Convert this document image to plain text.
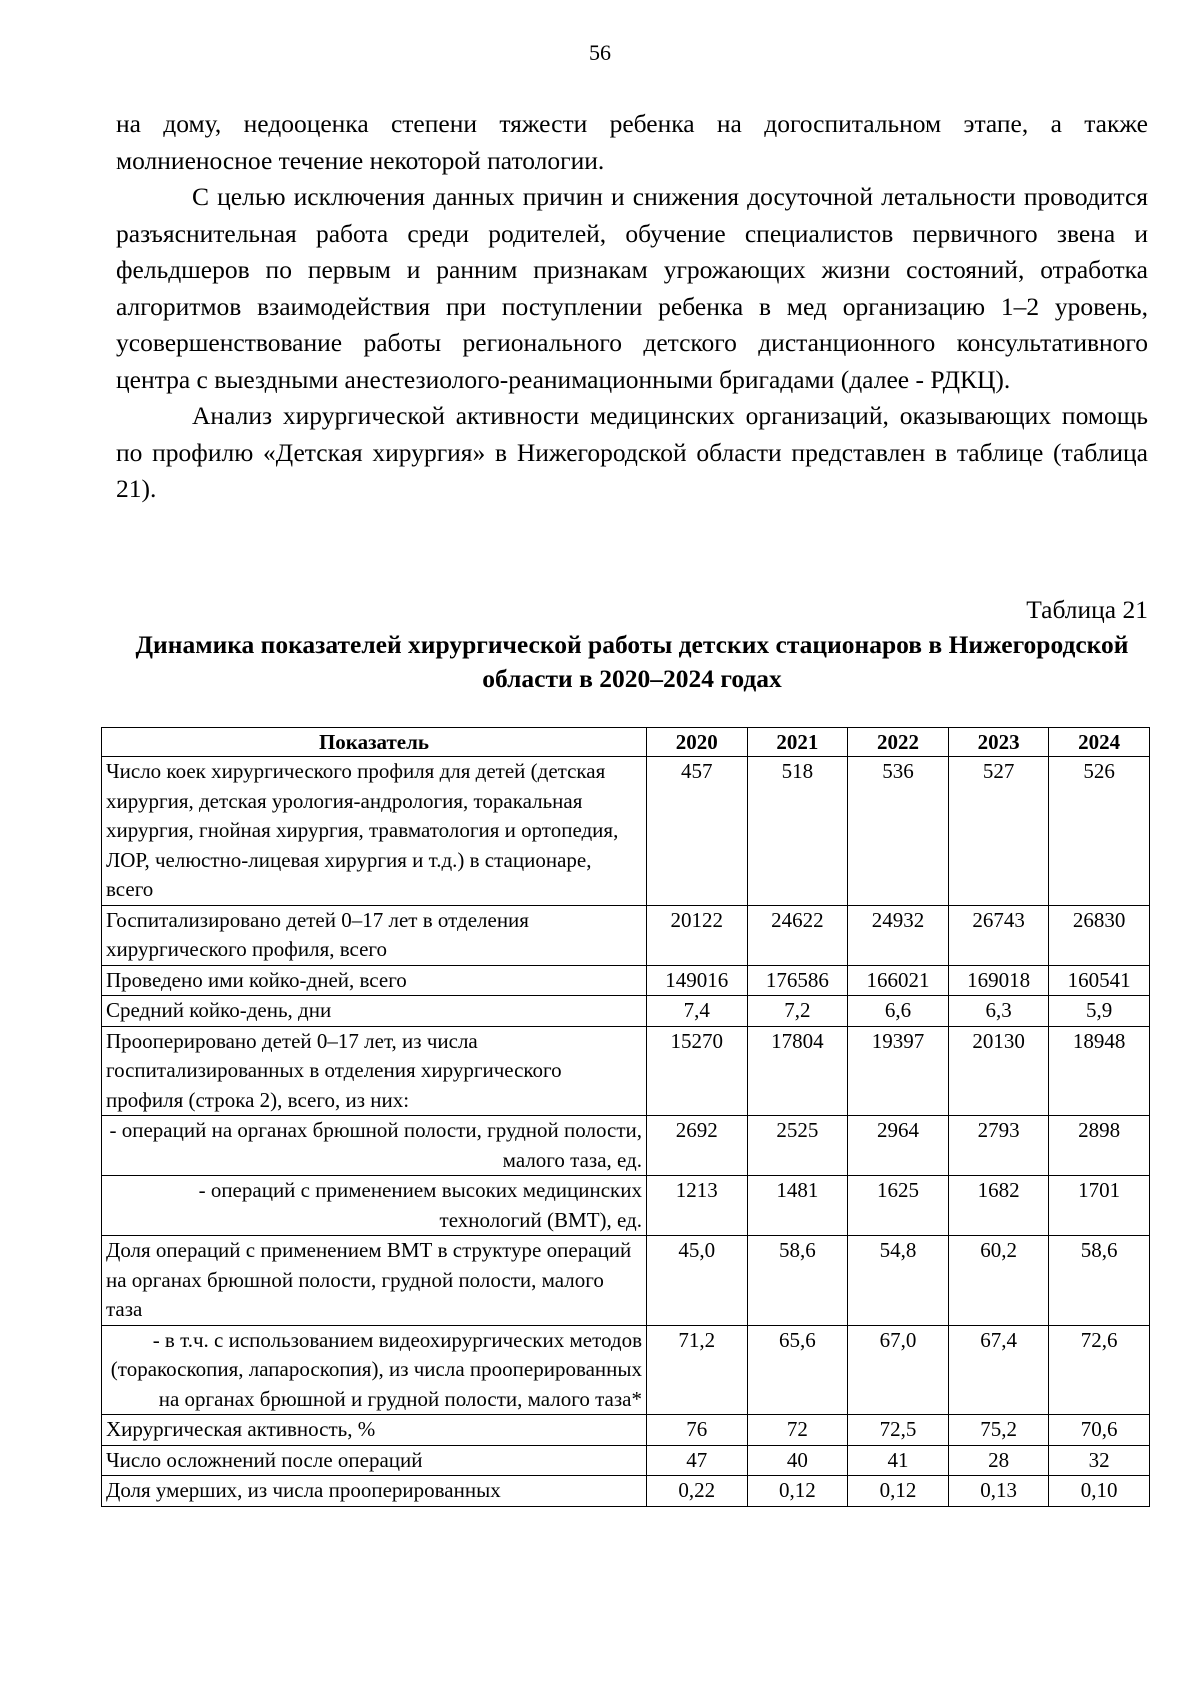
56

на дому, недооценка степени тяжести ребенка на догоспитальном этапе, а также молниеносное течение некоторой патологии.

С целью исключения данных причин и снижения досуточной летальности проводится разъяснительная работа среди родителей, обучение специалистов первичного звена и фельдшеров по первым и ранним признакам угрожающих жизни состояний, отработка алгоритмов взаимодействия при поступлении ребенка в мед организацию 1–2 уровень, усовершенствование работы регионального детского дистанционного консультативного центра с выездными анестезиолого-реанимационными бригадами (далее - РДКЦ).

Анализ хирургической активности медицинских организаций, оказывающих помощь по профилю «Детская хирургия» в Нижегородской области представлен в таблице (таблица 21).

Таблица 21
Динамика показателей хирургической работы детских стационаров в Нижегородской области в 2020–2024 годах
Показатель	2020	2021	2022	2023	2024
Число коек хирургического профиля для детей (детская хирургия, детская урология-андрология, торакальная хирургия, гнойная хирургия, травматология и ортопедия, ЛОР, челюстно-лицевая хирургия и т.д.) в стационаре, всего	457	518	536	527	526
Госпитализировано детей 0–17 лет в отделения хирургического профиля, всего	20122	24622	24932	26743	26830
Проведено ими койко-дней, всего	149016	176586	166021	169018	160541
Средний койко-день, дни	7,4	7,2	6,6	6,3	5,9
Прооперировано детей 0–17 лет, из числа госпитализированных в отделения хирургического профиля (строка 2), всего, из них:	15270	17804	19397	20130	18948
- операций на органах брюшной полости, грудной полости, малого таза, ед.	2692	2525	2964	2793	2898
- операций с применением высоких медицинских технологий (ВМТ), ед.	1213	1481	1625	1682	1701
Доля операций с применением ВМТ в структуре операций на органах брюшной полости, грудной полости, малого таза	45,0	58,6	54,8	60,2	58,6
- в т.ч. с использованием видеохирургических методов (торакоскопия, лапароскопия), из числа прооперированных на органах брюшной и грудной полости, малого таза*	71,2	65,6	67,0	67,4	72,6
Хирургическая активность, %	76	72	72,5	75,2	70,6
Число осложнений после операций	47	40	41	28	32
Доля умерших, из числа прооперированных	0,22	0,12	0,12	0,13	0,10
